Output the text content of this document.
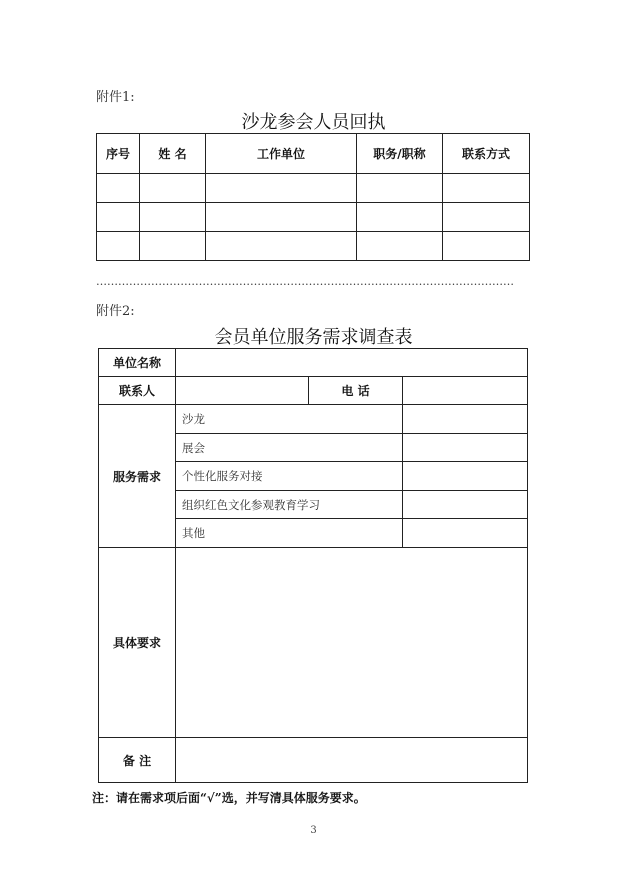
附件1:
沙龙参会人员回执
序号	姓 名	工作单位	职务/职称	联系方式

……………………………………………………………………………………………………
附件2:
会员单位服务需求调查表
单位名称			
联系人		电 话	
服务需求	沙龙		
	展会		
	个性化服务对接		
	组织红色文化参观教育学习		
	其他		
具体要求			
备 注			
注：请在需求项后面“√”选，并写清具体服务要求。
3
